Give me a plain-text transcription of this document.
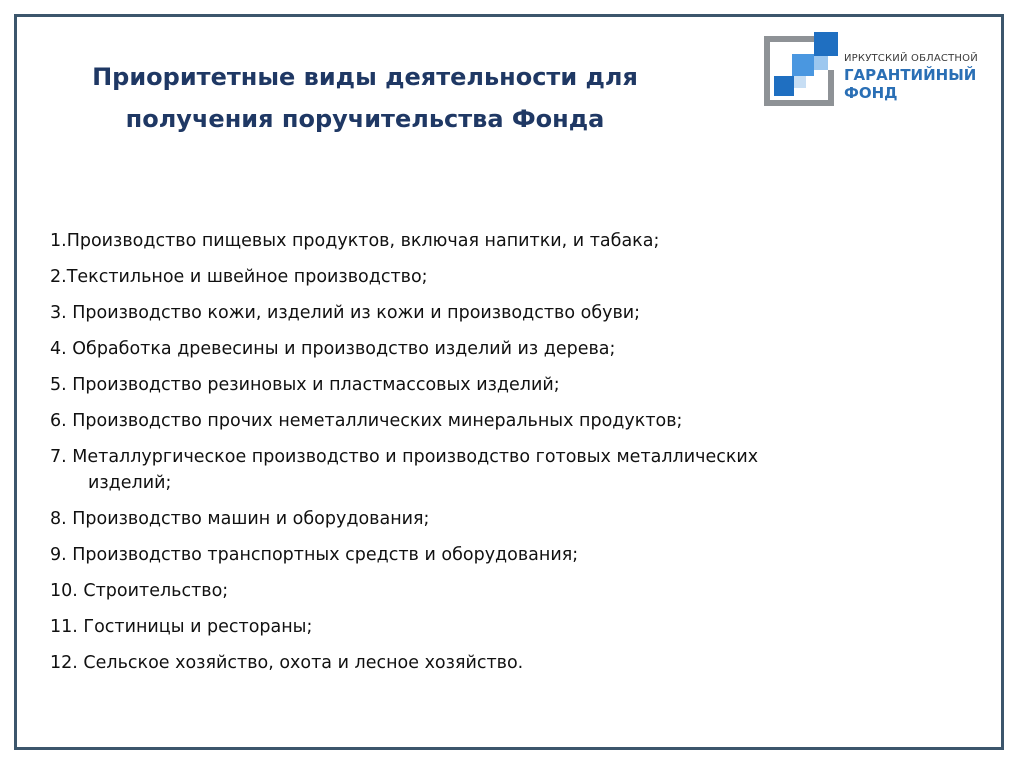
Приоритетные виды деятельности для
получения поручительства Фонда
ИРКУТСКИЙ ОБЛАСТНОЙ
ГАРАНТИЙНЫЙ
ФОНД
1.Производство пищевых продуктов, включая напитки, и табака;
2.Текстильное и швейное производство;
3. Производство кожи, изделий из кожи и производство обуви;
4. Обработка древесины и производство изделий из дерева;
5. Производство резиновых и пластмассовых изделий;
6. Производство прочих неметаллических минеральных продуктов;
7. Металлургическое производство и производство готовых металлических изделий;
8. Производство машин и оборудования;
9. Производство транспортных средств и оборудования;
10. Строительство;
11. Гостиницы и рестораны;
12. Сельское хозяйство, охота и лесное хозяйство.
